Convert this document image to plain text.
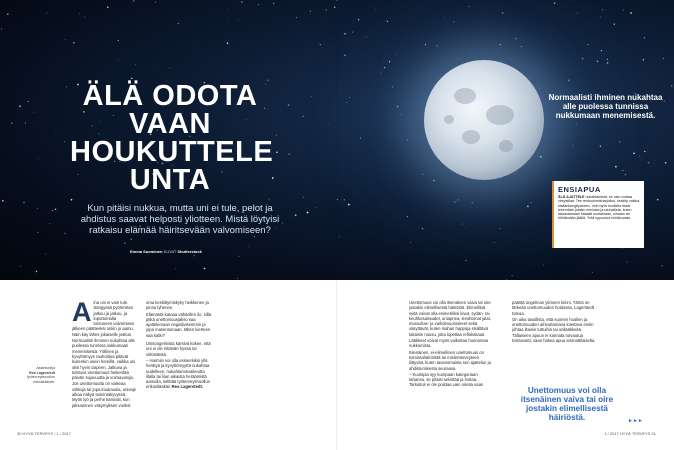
ÄLÄ ODOTA
VAAN
HOUKUTTELE
UNTA
Kun pitäisi nukkua, mutta uni ei tule, pelot ja ahdistus saavat helposti yliotteen. Mistä löytyisi ratkaisu elämää häiritsevään valvomiseen?
Emma Suominen KUVAT Shutterstock
Normaalisti ihminen nukahtaa alle puolessa tunnissa nukkumaan menemisestä.
ENSIAPUA
ÄLÄ AJATTELE nukahtamista, se vain nostaa vireystilaa. Tee rentoutumisharjoitus, keskity vaikka sisäänhengitykseen. Voit myös kuvitella itsesi tekemään jotakin mielusta ja rauhallista, kuten tarkastamaan hitaasti soutamaan, uimaan tai hiihtämään jäällä. Yritä uppoutua mielikuvaan.
A ina uni ei vain tule. Sängyssä pyörimisen jatkuu ja jatkuu, ja loputtomalta tuntuneen valvomisen jälkeen päätteeksi onkin jo aamu. Näin käy lähes jokaiselle joskus.

Normaalisti ihminen nukahtaa alle puolessa tunnissa nukkumaan menemisestä. Yöllinen ja kyvyttömyys rauhoittua pitävät kuitenkin usein hereillä, vaikka uni olisi hyvin tarpeen. Jatkuva ja toistuva unettomuus heikentää päivän sujuvuutta ja voimavaroja.

Jos unettomuutta on vaikeaa viikkoja tai jopa kuukausia, univaje alkaa näkyä toimintakyvyssä. Myös työ ja perhe kärsivät, kun jaksaminen väsymyksen vuoksi

Asiantuntija
Rea Lagerstedt
työterveyshuollon erikoislääkäri.

oma keskittymiskyky heikkenee ja pinna lyhenee.

Elämästä katoaa vähitellen ilo, sillä pitkä unettomuusjakso saa ajattelemaan negatiivisemmin ja jopa masentumaan. Miten kierteen saa katki?

Unisongelmista kärsivä kokee, että uni ei ole riittävän hyvää tai virkistävää.

– Harmiin voi olla esimerkiksi yllä herätyä ja kyvyttömyyttä nukahtaa uudelleen, nukahtamisvaikeutta illalla tai liian aikaista heräämistä aamulla, selittää työterveyshuollon erikoislääkäri Rea Lagerstedt.

Unettomuus voi olla itsenäinen vaiva tai oire jostakin elimellisestä häiriöstä. Elimellisiä syitä voivat olla esimerkiksi kivut, sydän- tai keuhkosairaudet, uniapnea, levottomat jalat, eturauhas- ja vaihdevuosioireet sekä väsyttävät, kuten mahan happoja sisältävä takaisin nousu, joka lopettaa refluksitauti.

Lääkkeet voivat myös vaikuttaa huonontaa nukkumista.

Itsenäinen, ei-elimellinen unettomuus on toimintahäiriöistä tai mielenterveyteen liittyvää, kuten tavanomaista sen ajattelun ja ahdistumisesta seuraava.

– Kuulopia syy kumpaan kategoriaan tahansa, se pitäisi selvittää ja hoitaa. Tarkoitus ei ole poistaa vain oireita vaan

päästä ongelman ytimeen kiinni. Tämä on tärkeää unettomuuden hoidossa, Lagerstedt toteaa.

On aika tavallista, että suorien huolien ja unettomuuden aiheuttamana koettava ensin johtaa iltaisin tuttuihin tai unilääkkeitä. Tällaiseen apuun ei kannata turvautua toistuvasti, vaan hakea apua ammattilaiselta.

Unettomuus voi olla itsenäinen vaiva tai oire jostakin elimellisestä häiriöstä.	►►►
30 HYVÄ TERVEYS / 1 / 2017	1 / 2017 HYVÄ TERVEYS 31
